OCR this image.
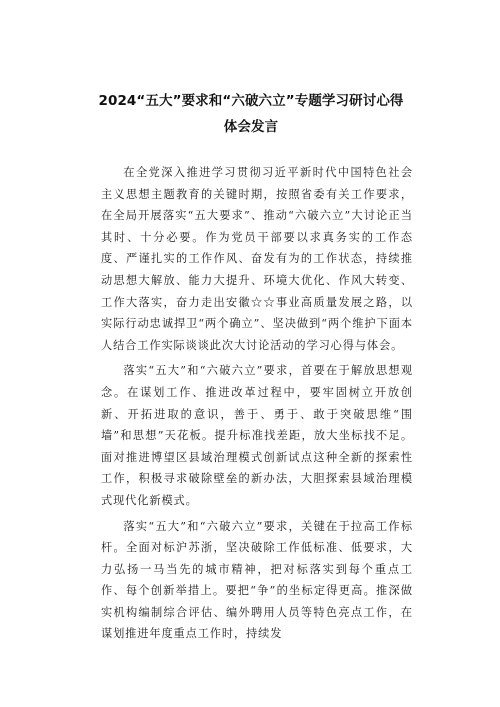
2024“五大”要求和“六破六立”专题学习研讨心得体会发言

在全党深入推进学习贯彻习近平新时代中国特色社会主义思想主题教育的关键时期，按照省委有关工作要求，在全局开展落实“五大要求”、推动“六破六立”大讨论正当其时、十分必要。作为党员干部要以求真务实的工作态度、严谨扎实的工作作风、奋发有为的工作状态，持续推动思想大解放、能力大提升、环境大优化、作风大转变、工作大落实，奋力走出安徽☆☆事业高质量发展之路，以实际行动忠诚捍卫“两个确立”、坚决做到“两个维护下面本人结合工作实际谈谈此次大讨论活动的学习心得与体会。

落实“五大”和“六破六立”要求，首要在于解放思想观念。在谋划工作、推进改革过程中，要牢固树立开放创新、开拓进取的意识，善于、勇于、敢于突破思维“围墙”和思想”天花板。提升标准找差距，放大坐标找不足。面对推进博望区县域治理模式创新试点这种全新的探索性工作，积极寻求破除壁垒的新办法，大胆探索县域治理模式现代化新模式。

落实“五大”和“六破六立”要求，关键在于拉高工作标杆。全面对标沪苏浙，坚决破除工作低标准、低要求，大力弘扬一马当先的城市精神，把对标落实到每个重点工作、每个创新举措上。要把“争”的坐标定得更高。推深做实机构编制综合评估、编外聘用人员等特色亮点工作，在谋划推进年度重点工作时，持续发
